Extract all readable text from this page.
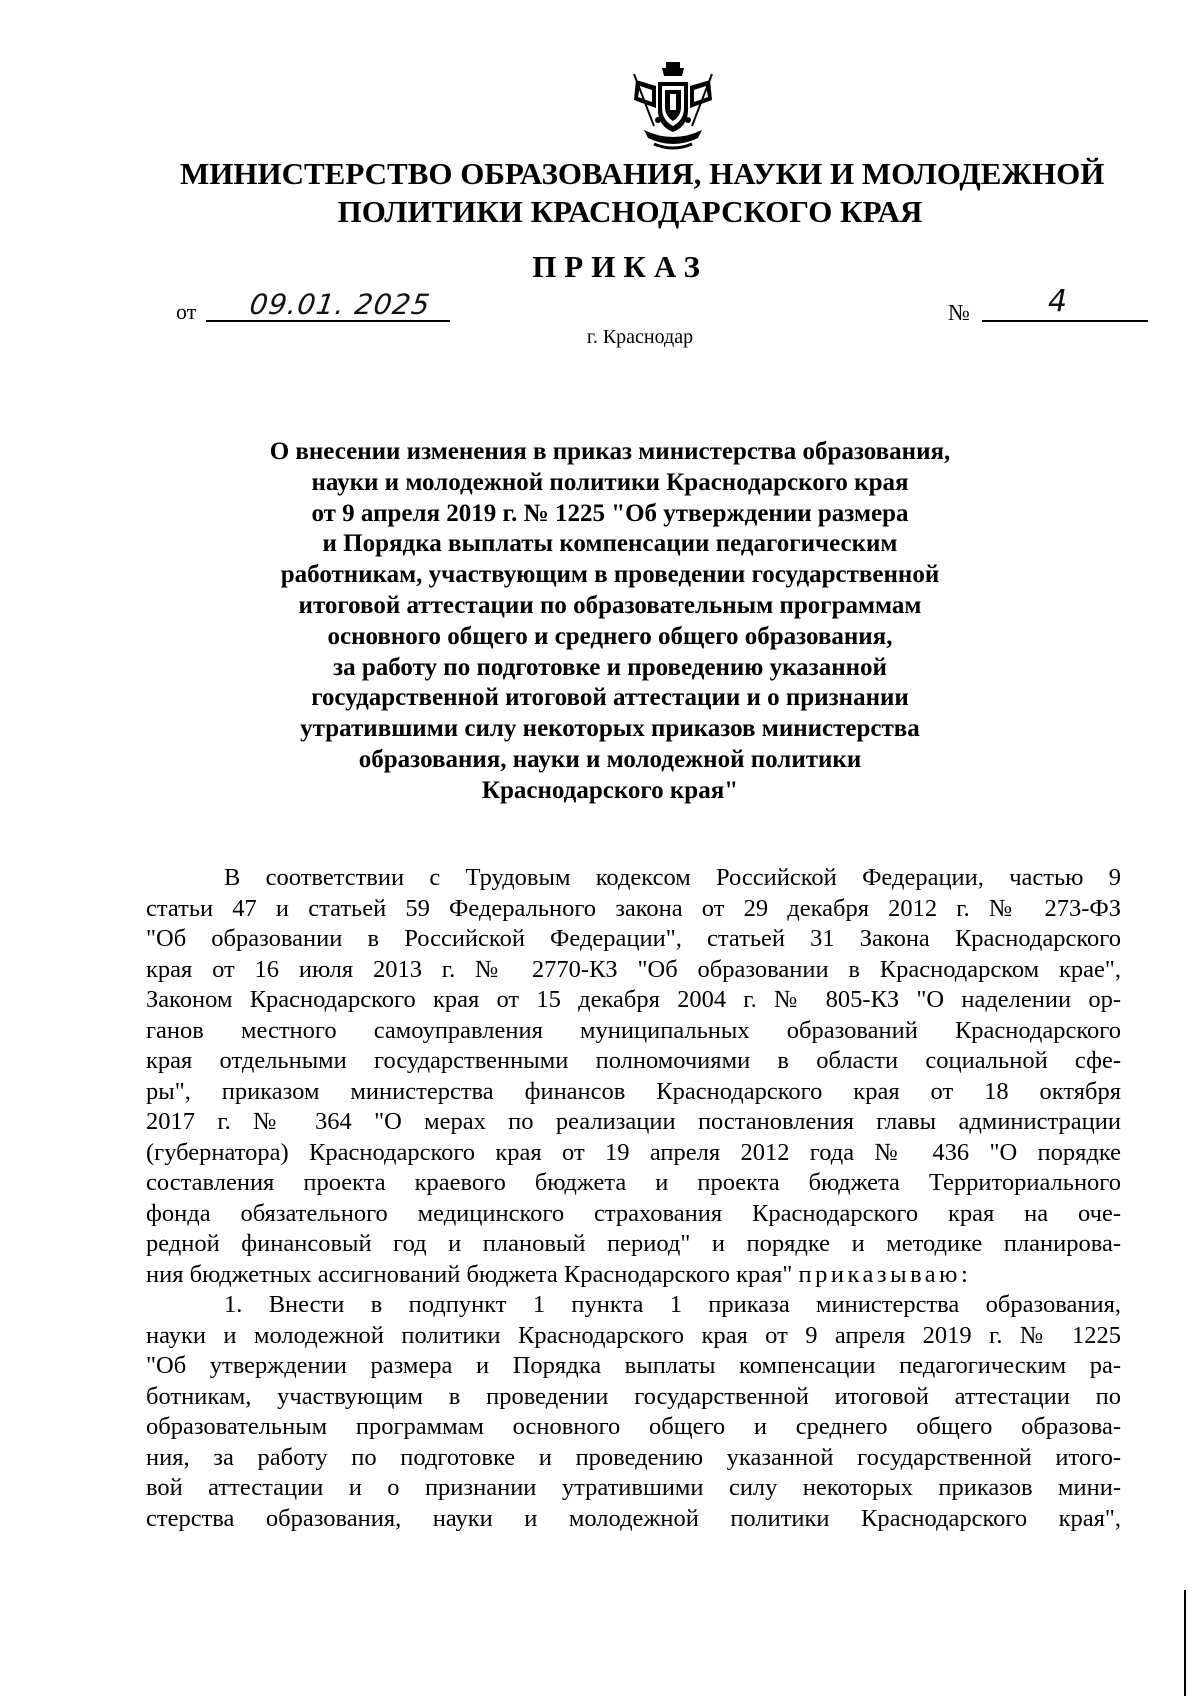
МИНИСТЕРСТВО ОБРАЗОВАНИЯ, НАУКИ И МОЛОДЕЖНОЙ
ПОЛИТИКИ КРАСНОДАРСКОГО КРАЯ
ПРИКАЗ
от 09.01. 2025	№	4
г. Краснодар
О внесении изменения в приказ министерства образования,
науки и молодежной политики Краснодарского края
от 9 апреля 2019 г. № 1225 "Об утверждении размера
и Порядка выплаты компенсации педагогическим
работникам, участвующим в проведении государственной
итоговой аттестации по образовательным программам
основного общего и среднего общего образования,
за работу по подготовке и проведению указанной
государственной итоговой аттестации и о признании
утратившими силу некоторых приказов министерства
образования, науки и молодежной политики
Краснодарского края"
В соответствии с Трудовым кодексом Российской Федерации, частью 9
статьи 47 и статьей 59 Федерального закона от 29 декабря 2012 г. № 273-ФЗ
"Об образовании в Российской Федерации", статьей 31 Закона Краснодарского
края от 16 июля 2013 г. № 2770-КЗ "Об образовании в Краснодарском крае",
Законом Краснодарского края от 15 декабря 2004 г. № 805-КЗ "О наделении ор-
ганов местного самоуправления муниципальных образований Краснодарского
края отдельными государственными полномочиями в области социальной сфе-
ры", приказом министерства финансов Краснодарского края от 18 октября
2017 г. № 364 "О мерах по реализации постановления главы администрации
(губернатора) Краснодарского края от 19 апреля 2012 года № 436 "О порядке
составления проекта краевого бюджета и проекта бюджета Территориального
фонда обязательного медицинского страхования Краснодарского края на оче-
редной финансовый год и плановый период" и порядке и методике планирова-
ния бюджетных ассигнований бюджета Краснодарского края" приказываю:
1. Внести в подпункт 1 пункта 1 приказа министерства образования,
науки и молодежной политики Краснодарского края от 9 апреля 2019 г. № 1225
"Об утверждении размера и Порядка выплаты компенсации педагогическим ра-
ботникам, участвующим в проведении государственной итоговой аттестации по
образовательным программам основного общего и среднего общего образова-
ния, за работу по подготовке и проведению указанной государственной итого-
вой аттестации и о признании утратившими силу некоторых приказов мини-
стерства образования, науки и молодежной политики Краснодарского края",
